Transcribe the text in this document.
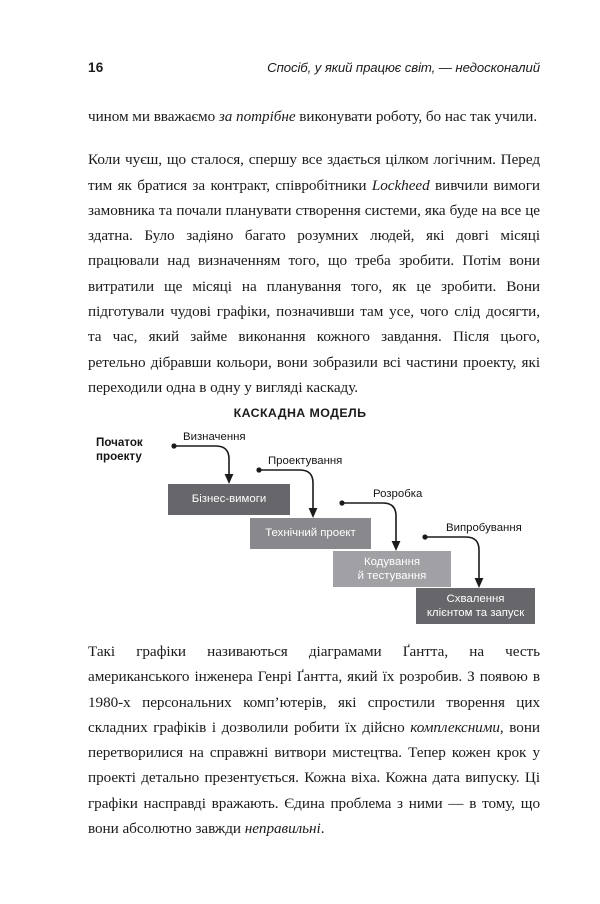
16	Спосіб, у який працює світ, — недосконалий

чином ми вважаємо за потрібне виконувати роботу, бо нас так учили.

Коли чуєш, що сталося, спершу все здається цілком логічним. Перед тим як братися за контракт, співробітники Lockheed вивчили вимоги замовника та почали планувати створення системи, яка буде на все це здатна. Було задіяно багато розумних людей, які довгі місяці працювали над визначенням того, що треба зробити. Потім вони витратили ще місяці на планування того, як це зробити. Вони підготували чудові графіки, позначивши там усе, чого слід досягти, та час, який займе виконання кожного завдання. Після цього, ретельно дібравши кольори, вони зобразили всі частини проекту, які переходили одна в одну у вигляді каскаду.

КАСКАДНА МОДЕЛЬ
Початок
проекту
Визначення
Проектування
Розробка
Випробування
Бізнес-вимоги
Технічний проект
Кодування
й тестування
Схвалення
клієнтом та запуск

Такі графіки називаються діаграмами Ґантта, на честь американського інженера Генрі Ґантта, який їх розробив. З появою в 1980-х персональних комп’ютерів, які спростили творення цих складних графіків і дозволили робити їх дійсно комплексними, вони перетворилися на справжні витвори мистецтва. Тепер кожен крок у проекті детально презентується. Кожна віха. Кожна дата випуску. Ці графіки насправді вражають. Єдина проблема з ними — в тому, що вони абсолютно завжди неправильні.
